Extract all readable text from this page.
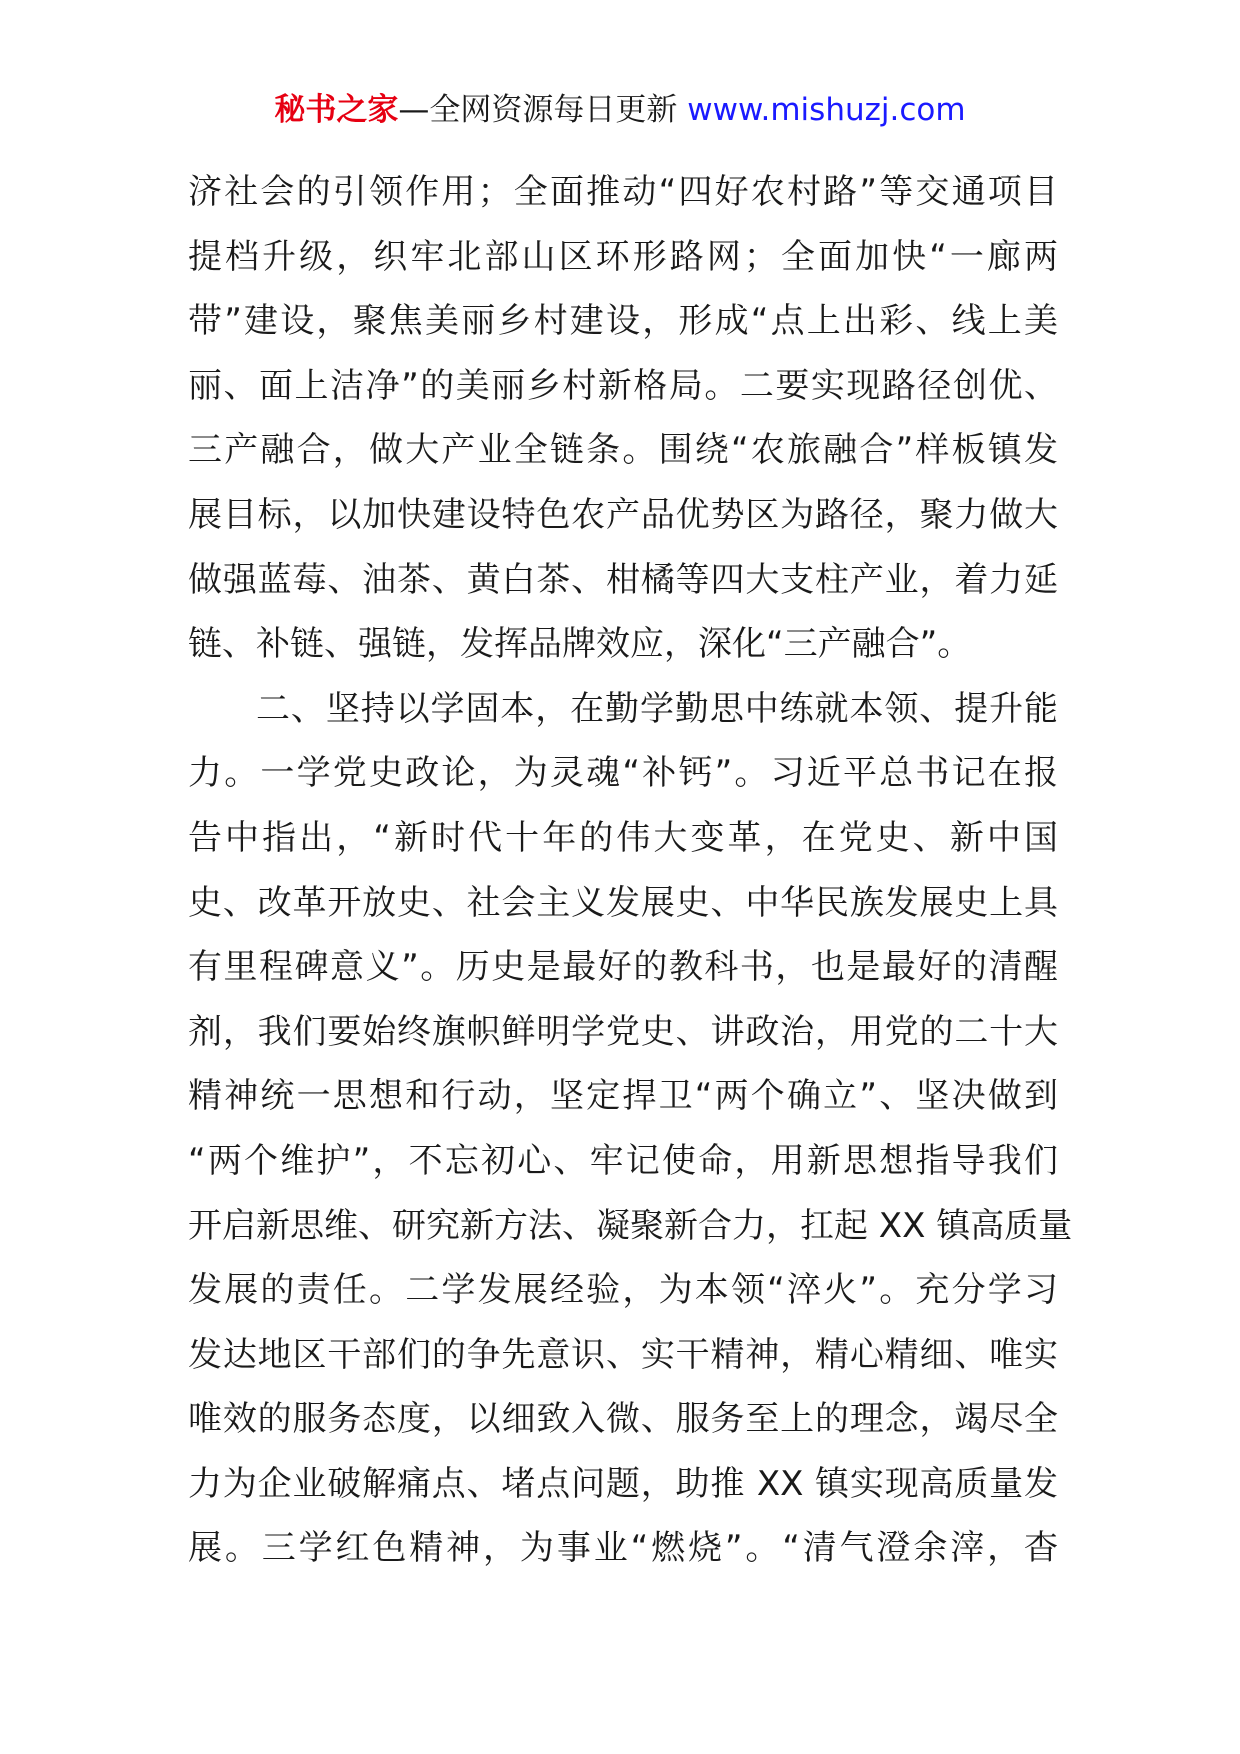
秘书之家—全网资源每日更新 www.mishuzj.com
济社会的引领作用；全面推动“四好农村路”等交通项目
提档升级，织牢北部山区环形路网；全面加快“一廊两
带”建设，聚焦美丽乡村建设，形成“点上出彩、线上美
丽、面上洁净”的美丽乡村新格局。二要实现路径创优、
三产融合，做大产业全链条。围绕“农旅融合”样板镇发
展目标，以加快建设特色农产品优势区为路径，聚力做大
做强蓝莓、油茶、黄白茶、柑橘等四大支柱产业，着力延
链、补链、强链，发挥品牌效应，深化“三产融合”。
二、坚持以学固本，在勤学勤思中练就本领、提升能
力。一学党史政论，为灵魂“补钙”。习近平总书记在报
告中指出，“新时代十年的伟大变革，在党史、新中国
史、改革开放史、社会主义发展史、中华民族发展史上具
有里程碑意义”。历史是最好的教科书，也是最好的清醒
剂，我们要始终旗帜鲜明学党史、讲政治，用党的二十大
精神统一思想和行动，坚定捍卫“两个确立”、坚决做到
“两个维护”，不忘初心、牢记使命，用新思想指导我们
开启新思维、研究新方法、凝聚新合力，扛起 XX 镇高质量
发展的责任。二学发展经验，为本领“淬火”。充分学习
发达地区干部们的争先意识、实干精神，精心精细、唯实
唯效的服务态度，以细致入微、服务至上的理念，竭尽全
力为企业破解痛点、堵点问题，助推 XX 镇实现高质量发
展。三学红色精神，为事业“燃烧”。“清气澄余滓，杳
